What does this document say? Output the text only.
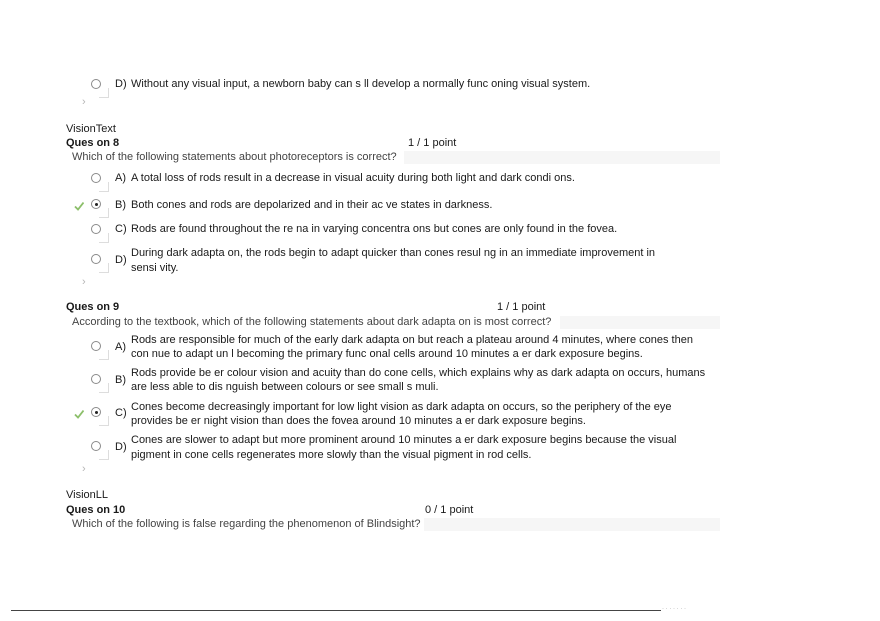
D) Without any visual input, a newborn baby can s ll develop a normally func oning visual system.
›
VisionText
Ques on 8	1 / 1 point
Which of the following statements about photoreceptors is correct?
A) A total loss of rods result in a decrease in visual acuity during both light and dark condi ons.
B) Both cones and rods are depolarized and in their ac ve states in darkness.
C) Rods are found throughout the re na in varying concentra ons but cones are only found in the fovea.
D)
During dark adapta on, the rods begin to adapt quicker than cones resul ng in an immediate improvement in
sensi vity.
›
Ques on 9	1 / 1 point
According to the textbook, which of the following statements about dark adapta on is most correct?
A)
Rods are responsible for much of the early dark adapta on but reach a plateau around 4 minutes, where cones then
con nue to adapt un l becoming the primary func onal cells around 10 minutes a er dark exposure begins.
B)
Rods provide be er colour vision and acuity than do cone cells, which explains why as dark adapta on occurs, humans
are less able to dis nguish between colours or see small s muli.
C) Cones become decreasingly important for low light vision as dark adapta on occurs, so the periphery of the eye
provides be er night vision than does the fovea around 10 minutes a er dark exposure begins.
D)
Cones are slower to adapt but more prominent around 10 minutes a er dark exposure begins because the visual
pigment in cone cells regenerates more slowly than the visual pigment in rod cells.
›
VisionLL
Ques on 10	0 / 1 point
Which of the following is false regarding the phenomenon of Blindsight?
· · · · · · ·
